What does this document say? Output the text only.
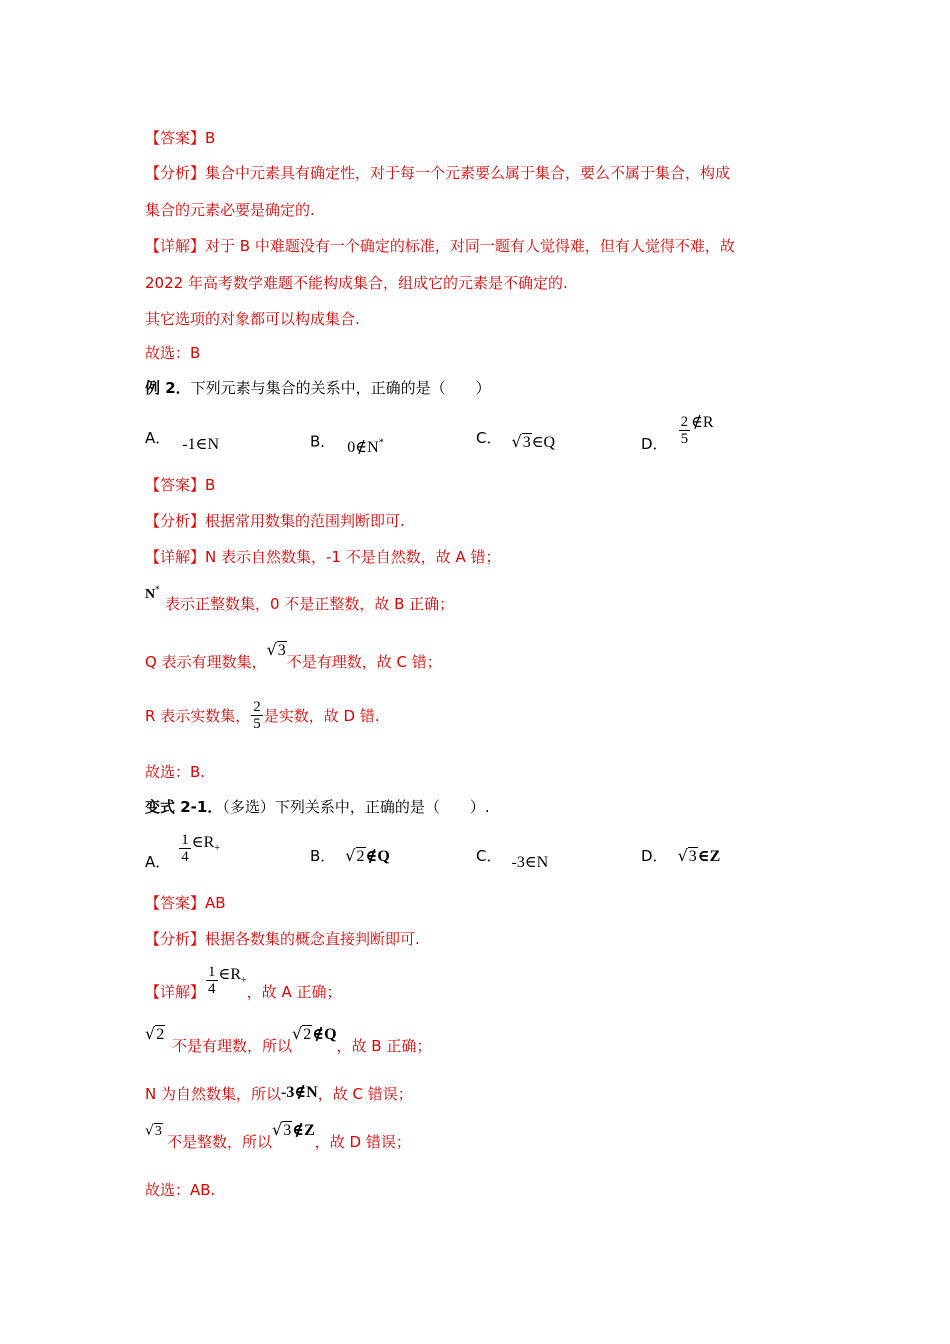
【答案】B
【分析】集合中元素具有确定性，对于每一个元素要么属于集合，要么不属于集合，构成
集合的元素必要是确定的.
【详解】对于 B 中难题没有一个确定的标准，对同一题有人觉得难，但有人觉得不难，故
2022 年高考数学难题不能构成集合，组成它的元素是不确定的.
其它选项的对象都可以构成集合.
故选：B
例 2．下列元素与集合的关系中，正确的是（　　）
A． -1∈N	B． 0∉N*	C． √3∈Q	D． $\frac{2}{5}$ ∉R
【答案】B
【分析】根据常用数集的范围判断即可.
【详解】N 表示自然数集，-1 不是自然数，故 A 错；
N*
表示正整数集，0 不是正整数，故 B 正确；
Q 表示有理数集，√3不是有理数，故 C 错；
R 表示实数集， $\frac{2}{5}$ 是实数，故 D 错.
故选：B.
变式 2-1．（多选）下列关系中，正确的是（　　）.
A． $\frac{1}{4}$ $\in R_+$	B． √2∉Q	C． -3∈N	D． √3∈Z
【答案】AB
【分析】根据各数集的概念直接判断即可.
【详解】 $\frac{1}{4}$ $\in R_+$，故 A 正确；
√2
不是有理数，所以√2∉Q，故 B 正确；
N 为自然数集，所以-3∉N，故 C 错误；
√3
不是整数，所以√3∉Z，故 D 错误；
故选：AB.
